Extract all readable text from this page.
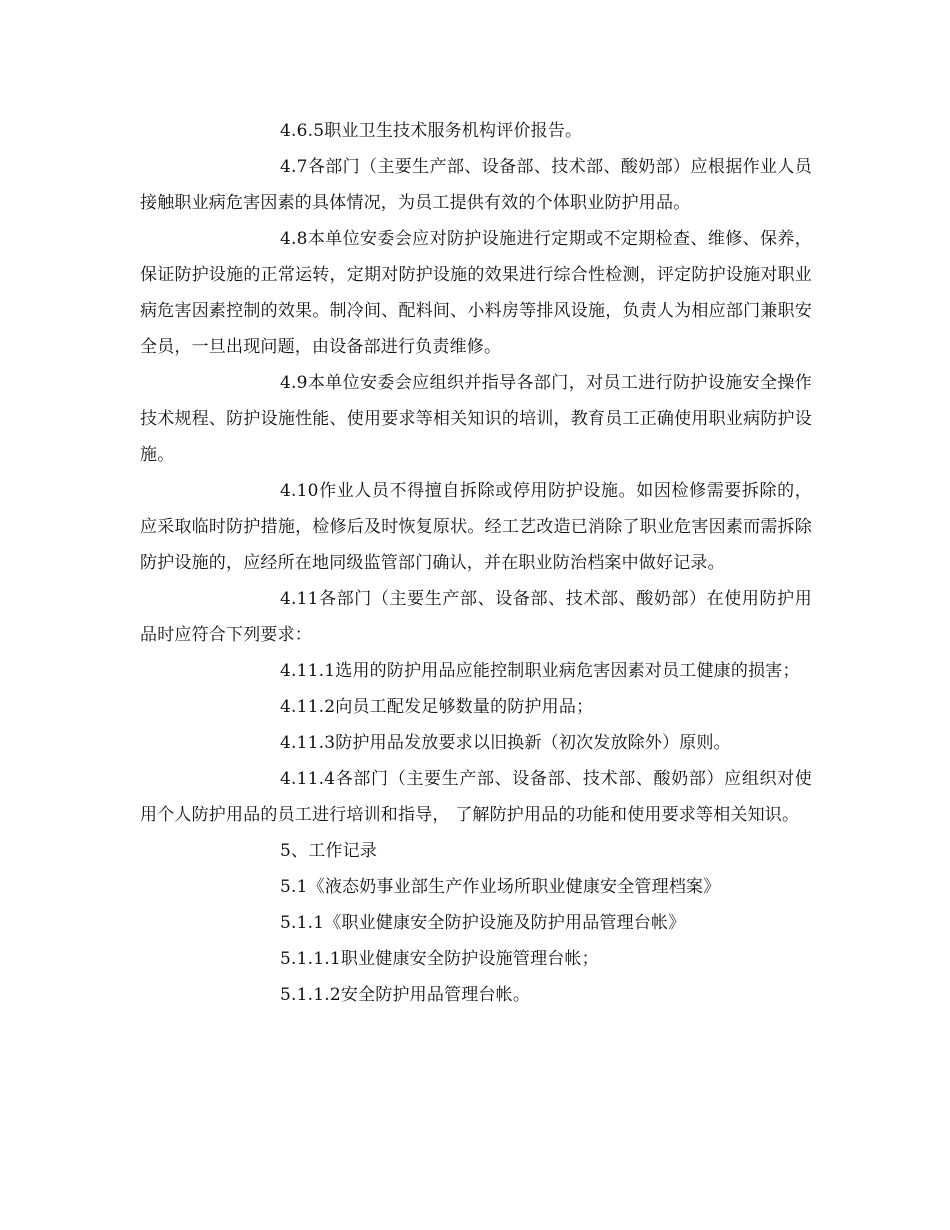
4.6.5职业卫生技术服务机构评价报告。

4.7各部门（主要生产部、设备部、技术部、酸奶部）应根据作业人员接触职业病危害因素的具体情况，为员工提供有效的个体职业防护用品。

4.8本单位安委会应对防护设施进行定期或不定期检查、维修、保养，保证防护设施的正常运转，定期对防护设施的效果进行综合性检测，评定防护设施对职业病危害因素控制的效果。制冷间、配料间、小料房等排风设施，负责人为相应部门兼职安全员，一旦出现问题，由设备部进行负责维修。

4.9本单位安委会应组织并指导各部门，对员工进行防护设施安全操作技术规程、防护设施性能、使用要求等相关知识的培训，教育员工正确使用职业病防护设施。

4.10作业人员不得擅自拆除或停用防护设施。如因检修需要拆除的，应采取临时防护措施，检修后及时恢复原状。经工艺改造已消除了职业危害因素而需拆除防护设施的，应经所在地同级监管部门确认，并在职业防治档案中做好记录。

4.11各部门（主要生产部、设备部、技术部、酸奶部）在使用防护用品时应符合下列要求：

4.11.1选用的防护用品应能控制职业病危害因素对员工健康的损害；

4.11.2向员工配发足够数量的防护用品；

4.11.3防护用品发放要求以旧换新（初次发放除外）原则。

4.11.4各部门（主要生产部、设备部、技术部、酸奶部）应组织对使用个人防护用品的员工进行培训和指导， 了解防护用品的功能和使用要求等相关知识。

5、工作记录

5.1《液态奶事业部生产作业场所职业健康安全管理档案》

5.1.1《职业健康安全防护设施及防护用品管理台帐》

5.1.1.1职业健康安全防护设施管理台帐；

5.1.1.2安全防护用品管理台帐。
